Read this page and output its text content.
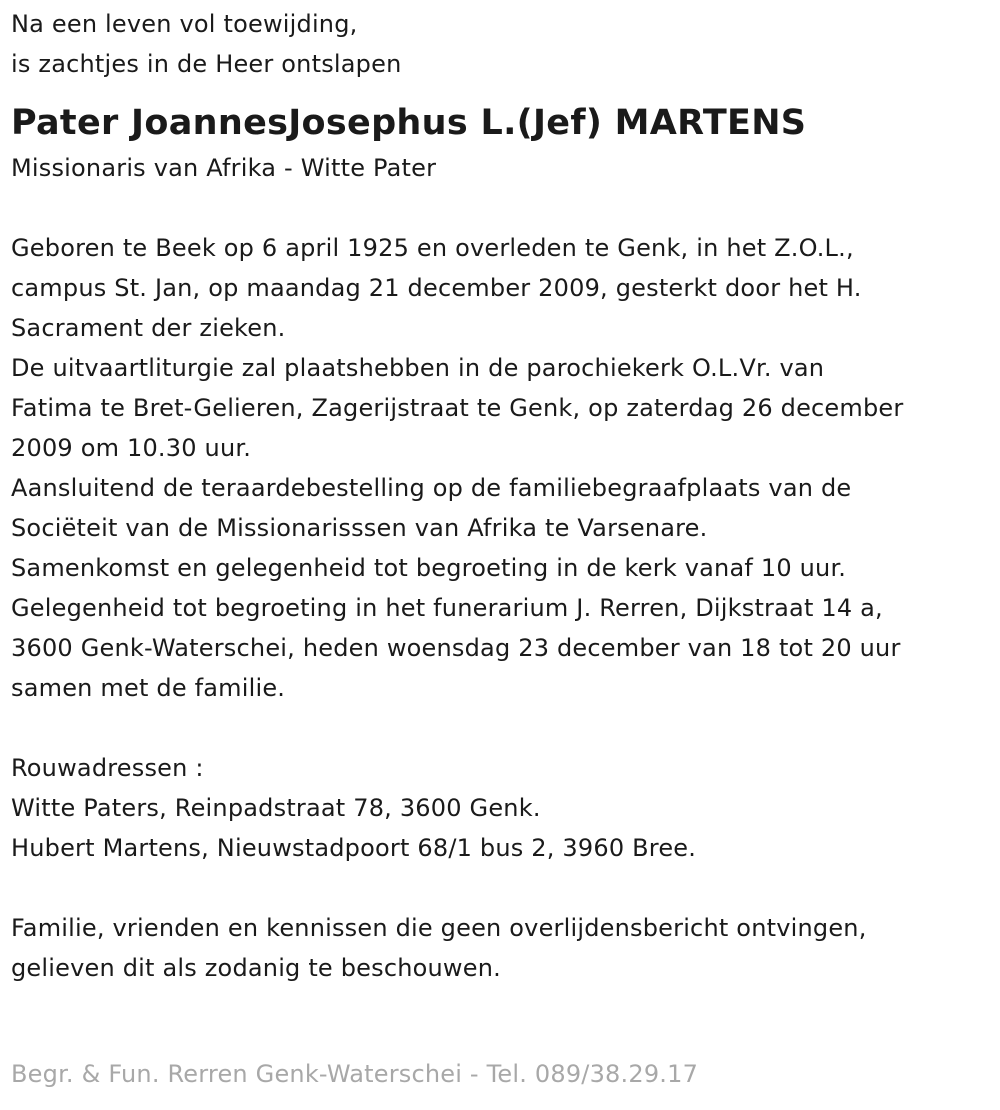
Na een leven vol toewijding,
is zachtjes in de Heer ontslapen
Pater JoannesJosephus L.(Jef) MARTENS
Missionaris van Afrika - Witte Pater
Geboren te Beek op 6 april 1925 en overleden te Genk, in het Z.O.L.,
campus St. Jan, op maandag 21 december 2009, gesterkt door het H.
Sacrament der zieken.
De uitvaartliturgie zal plaatshebben in de parochiekerk O.L.Vr. van
Fatima te Bret-Gelieren, Zagerijstraat te Genk, op zaterdag 26 december
2009 om 10.30 uur.
Aansluitend de teraardebestelling op de familiebegraafplaats van de
Sociëteit van de Missionarisssen van Afrika te Varsenare.
Samenkomst en gelegenheid tot begroeting in de kerk vanaf 10 uur.
Gelegenheid tot begroeting in het funerarium J. Rerren, Dijkstraat 14 a,
3600 Genk-Waterschei, heden woensdag 23 december van 18 tot 20 uur
samen met de familie.
Rouwadressen :
Witte Paters, Reinpadstraat 78, 3600 Genk.
Hubert Martens, Nieuwstadpoort 68/1 bus 2, 3960 Bree.
Familie, vrienden en kennissen die geen overlijdensbericht ontvingen,
gelieven dit als zodanig te beschouwen.
Begr. & Fun. Rerren Genk-Waterschei - Tel. 089/38.29.17
